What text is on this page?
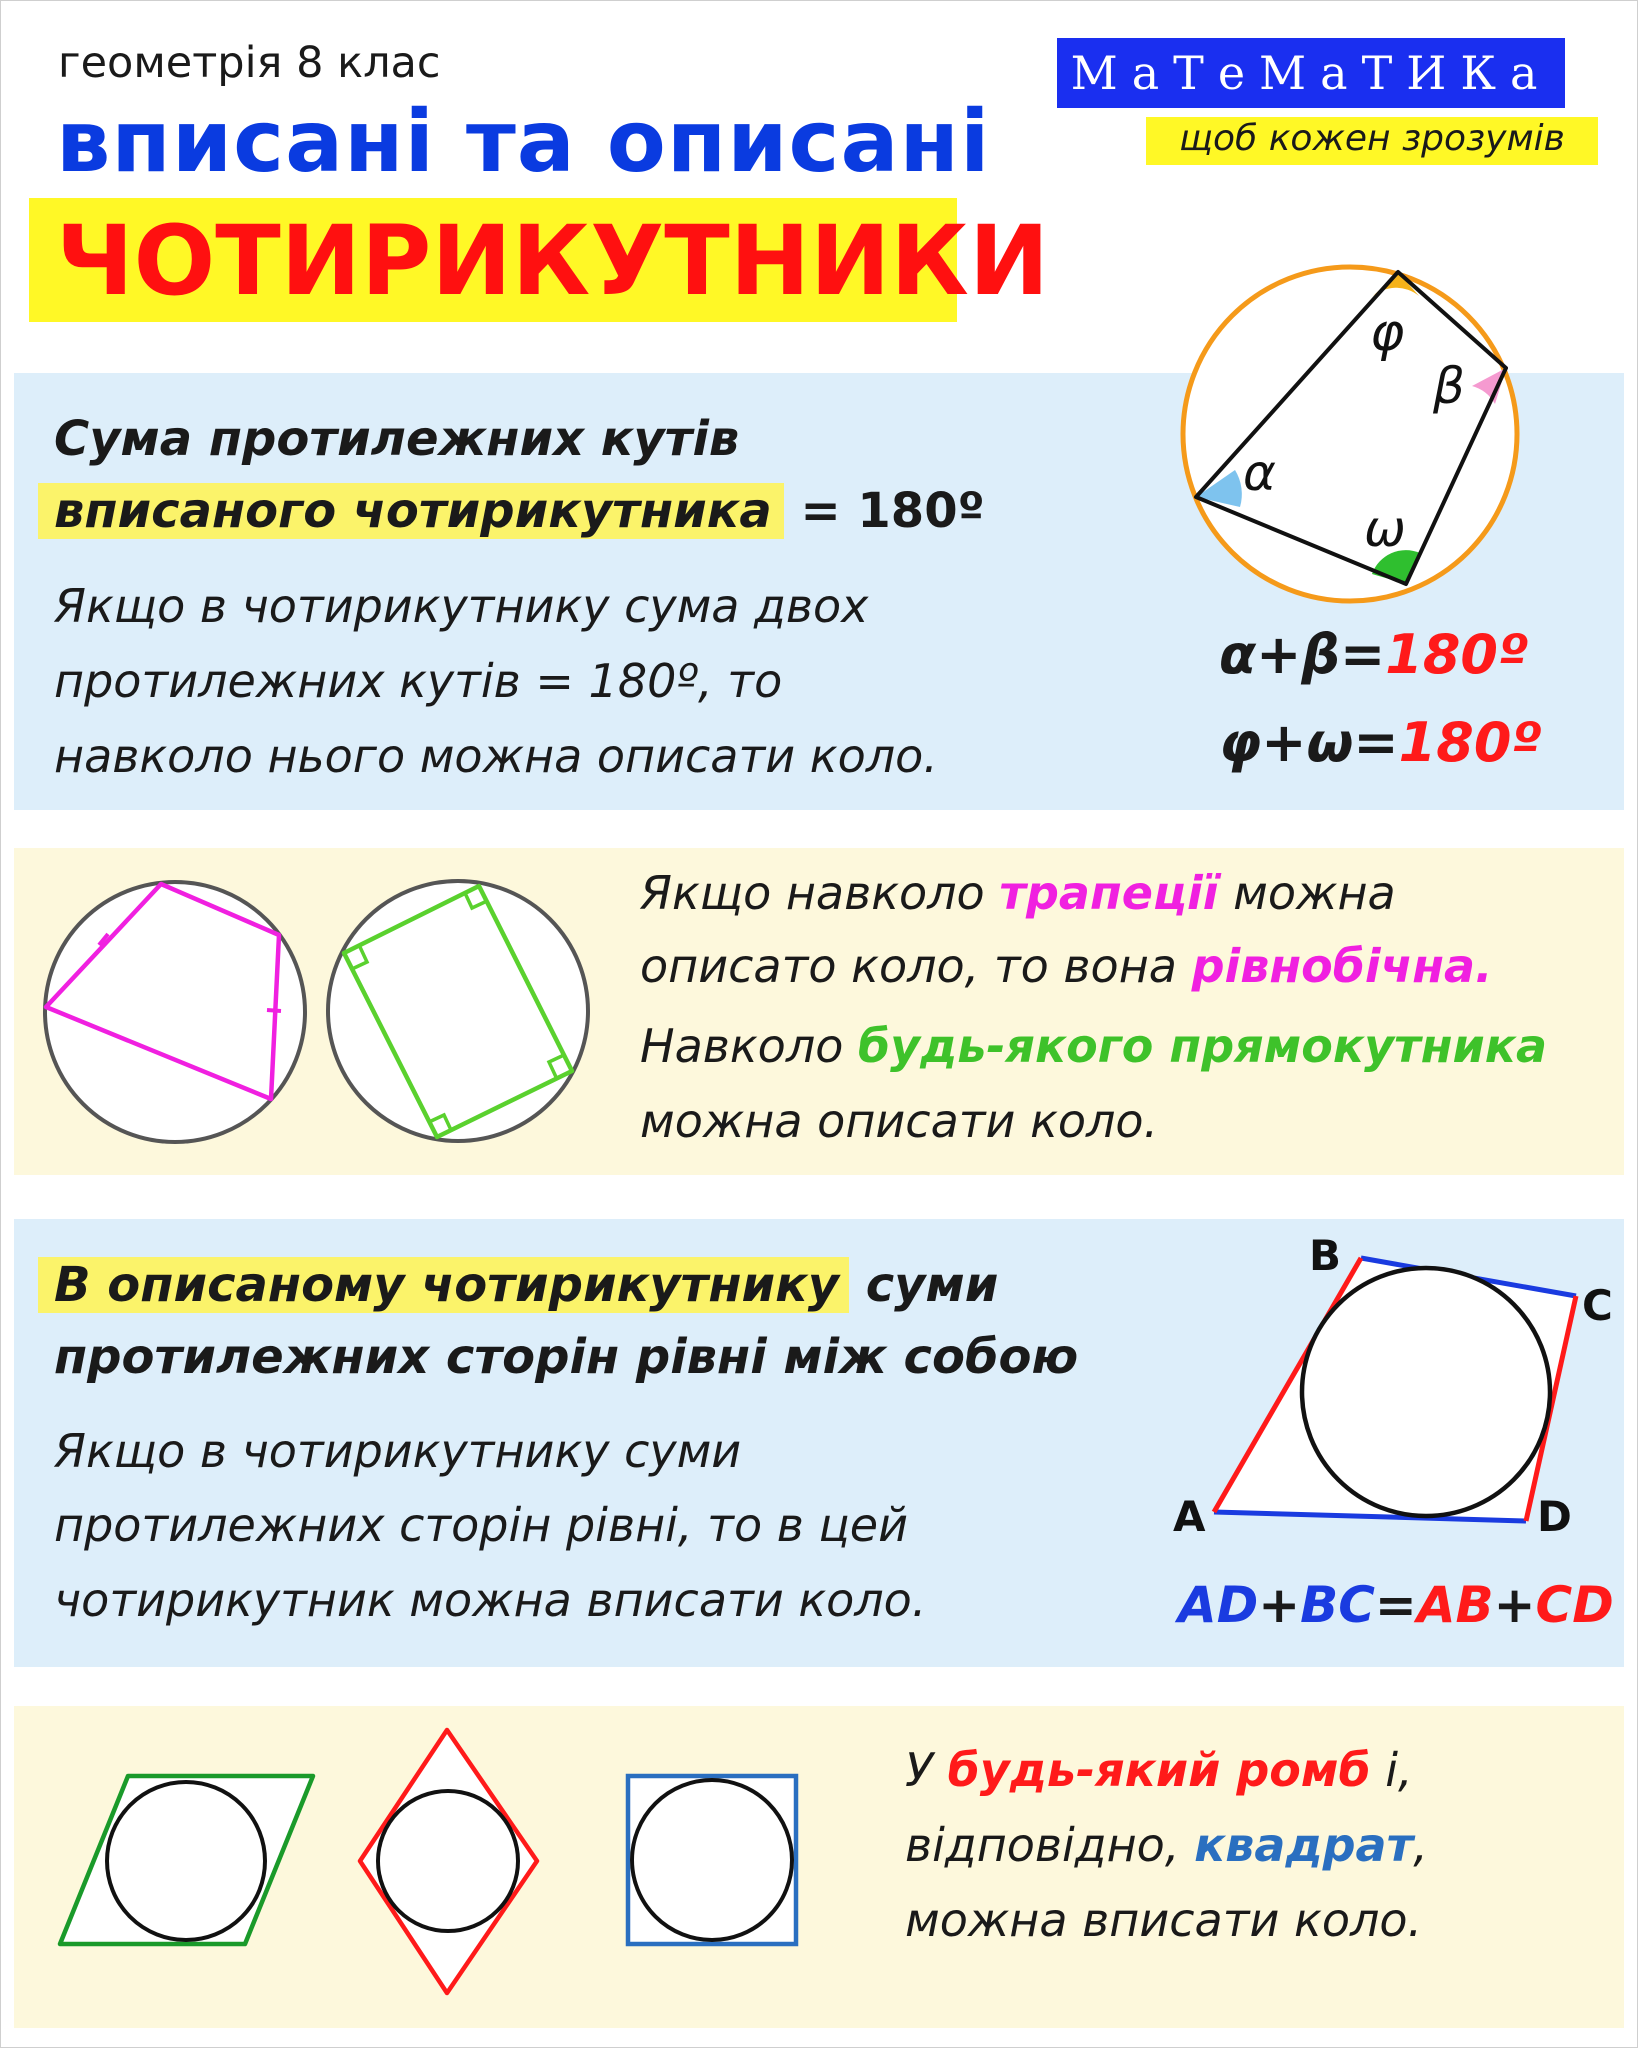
геометрія 8 клас
вписані та описані
ЧОТИРИКУТНИКИ
МаТеМаТИКа
щоб кожен зрозумів
Сума протилежних кутів
вписаного чотирикутника = 180º
Якщо в чотирикутнику сума двох
протилежних кутів = 180º, то
навколо нього можна описати коло.
φ
β
α
ω
α+β=180º
φ+ω=180º
Якщо навколо трапеції можна
описато коло, то вона рівнобічна.
Навколо будь-якого прямокутника
можна описати коло.
В описаному чотирикутнику суми
протилежних сторін рівні між собою
Якщо в чотирикутнику суми
протилежних сторін рівні, то в цей
чотирикутник можна вписати коло.
A
B
C
D
AD+BC=AB+CD
У будь-який ромб і,
відповідно, квадрат,
можна вписати коло.
